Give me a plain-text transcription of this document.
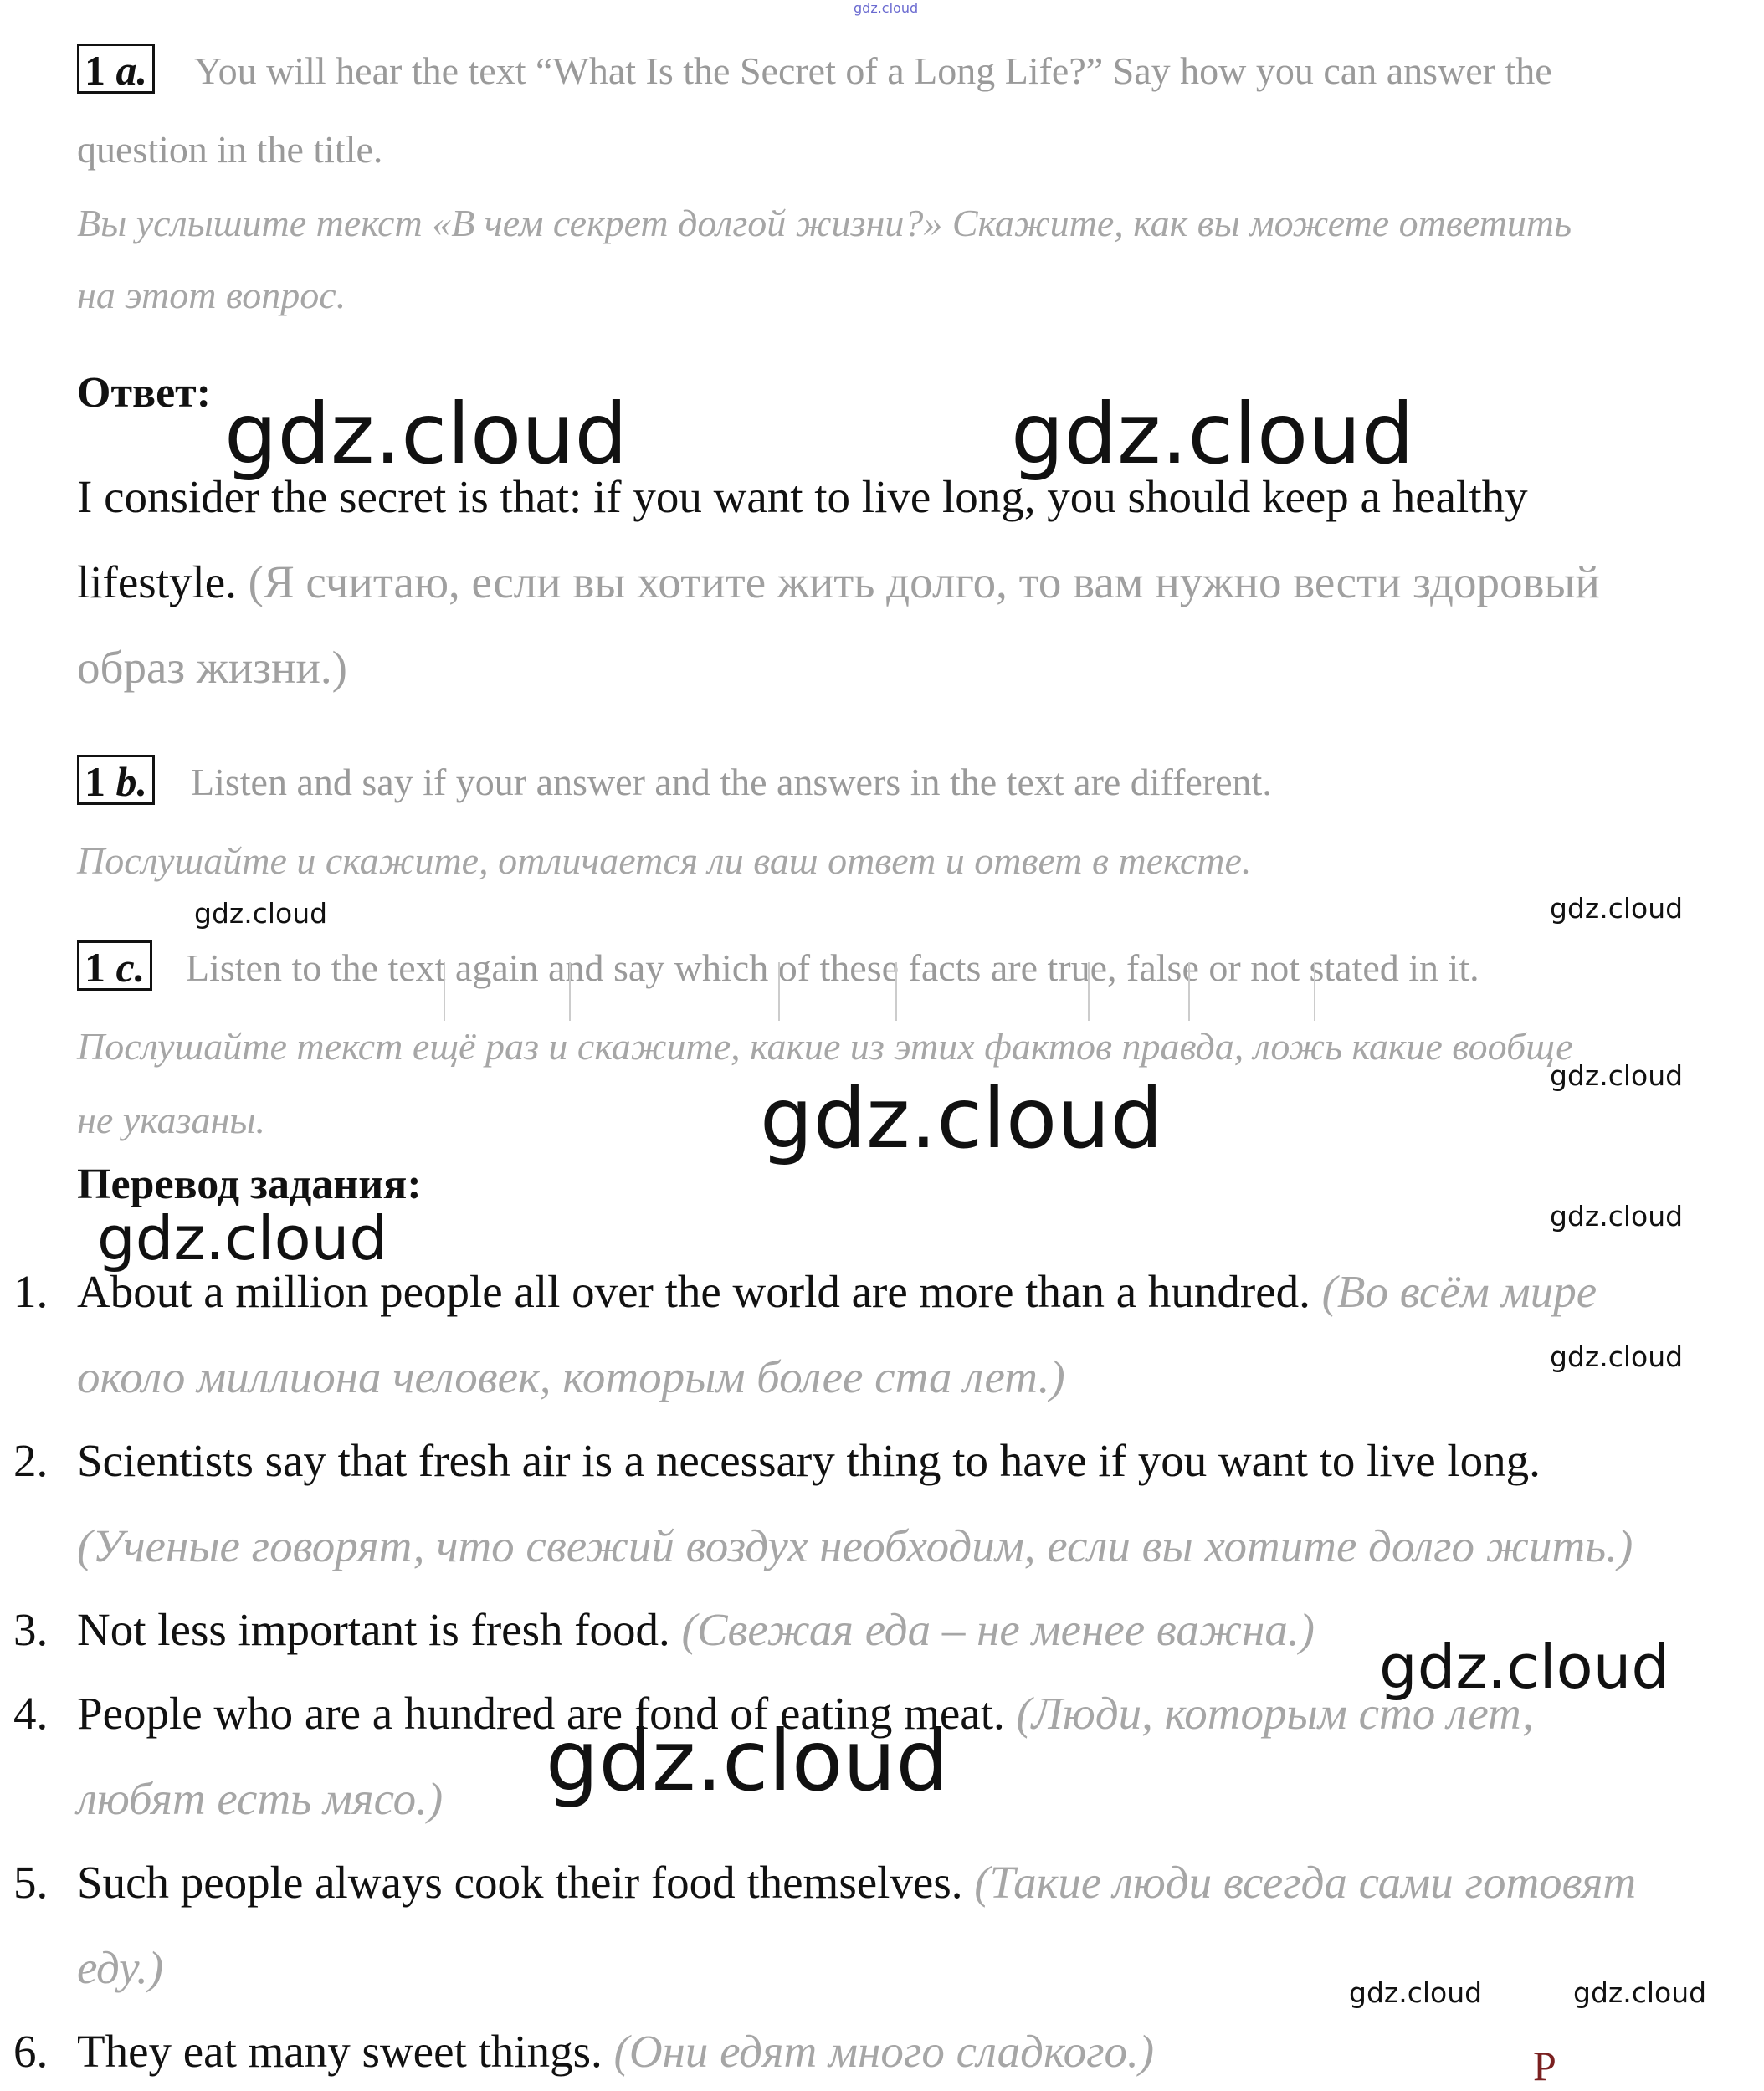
gdz.cloud
1 a. You will hear the text “What Is the Secret of a Long Life?” Say how you can answer the
question in the title.
Вы услышите текст «В чем секрет долгой жизни?» Скажите, как вы можете ответить
на этот вопрос.
Ответ:
I consider the secret is that: if you want to live long, you should keep a healthy
lifestyle. (Я считаю, если вы хотите жить долго, то вам нужно вести здоровый
образ жизни.)
1 b. Listen and say if your answer and the answers in the text are different.
Послушайте и скажите, отличается ли ваш ответ и ответ в тексте.
1 c. Listen to the text again and say which of these facts are true, false or not stated in it.
Послушайте текст ещё раз и скажите, какие из этих фактов правда, ложь какие вообще
не указаны.
Перевод задания:
1. About a million people all over the world are more than a hundred. (Во всём мире
около миллиона человек, которым более ста лет.)
2. Scientists say that fresh air is a necessary thing to have if you want to live long.
(Ученые говорят, что свежий воздух необходим, если вы хотите долго жить.)
3. Not less important is fresh food. (Свежая еда – не менее важна.)
4. People who are a hundred are fond of eating meat. (Люди, которым сто лет,
любят есть мясо.)
5. Such people always cook their food themselves. (Такие люди всегда сами готовят
еду.)
6. They eat many sweet things. (Они едят много сладкого.)	Р
gdz.cloud	gdz.cloud
gdz.cloud	gdz.cloud
gdz.cloud
gdz.cloud
gdz.cloud	gdz.cloud
gdz.cloud
gdz.cloud
gdz.cloud
gdz.cloud	gdz.cloud
